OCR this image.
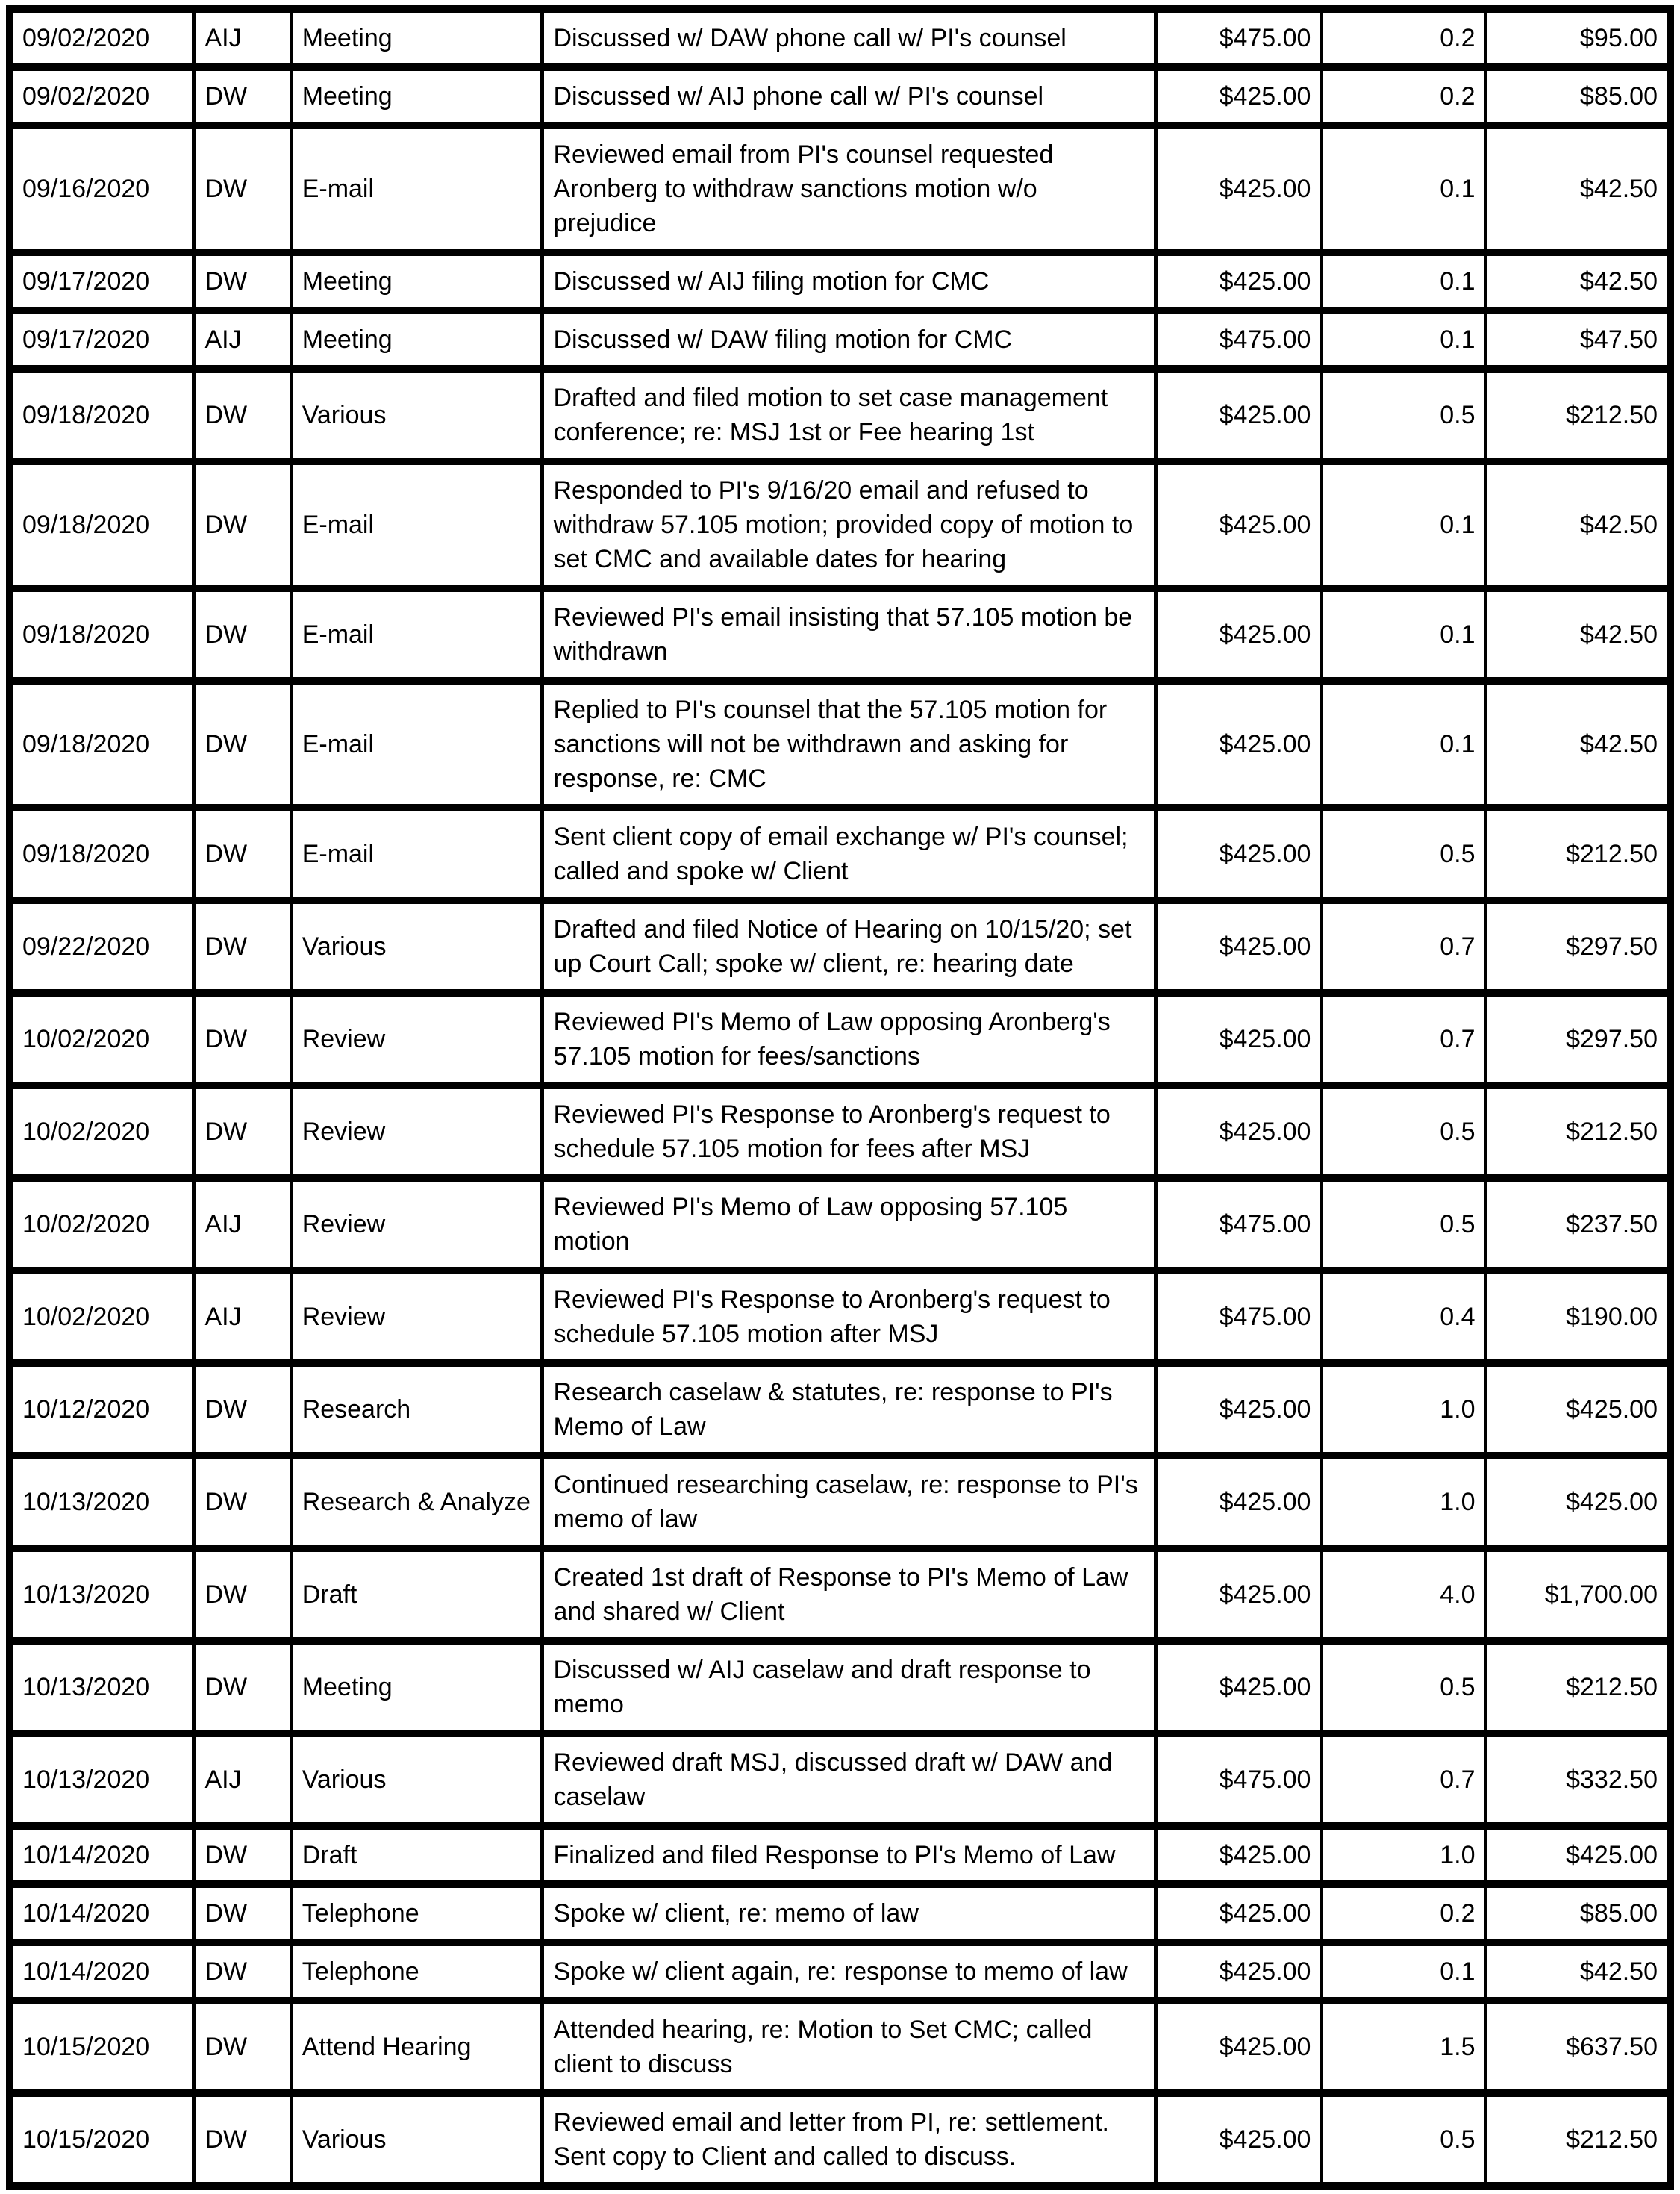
09/02/2020	AIJ	Meeting	Discussed w/ DAW phone call w/ PI's counsel	$475.00	0.2	$95.00
09/02/2020	DW	Meeting	Discussed w/ AIJ phone call w/ PI's counsel	$425.00	0.2	$85.00
09/16/2020	DW	E-mail	Reviewed email from PI's counsel requested Aronberg to withdraw sanctions motion w/o prejudice	$425.00	0.1	$42.50
09/17/2020	DW	Meeting	Discussed w/ AIJ filing motion for CMC	$425.00	0.1	$42.50
09/17/2020	AIJ	Meeting	Discussed w/ DAW filing motion for CMC	$475.00	0.1	$47.50
09/18/2020	DW	Various	Drafted and filed motion to set case management conference; re: MSJ 1st or Fee hearing 1st	$425.00	0.5	$212.50
09/18/2020	DW	E-mail	Responded to PI's 9/16/20 email and refused to withdraw 57.105 motion; provided copy of motion to set CMC and available dates for hearing	$425.00	0.1	$42.50
09/18/2020	DW	E-mail	Reviewed PI's email insisting that 57.105 motion be withdrawn	$425.00	0.1	$42.50
09/18/2020	DW	E-mail	Replied to PI's counsel that the 57.105 motion for sanctions will not be withdrawn and asking for response, re: CMC	$425.00	0.1	$42.50
09/18/2020	DW	E-mail	Sent client copy of email exchange w/ PI's counsel; called and spoke w/ Client	$425.00	0.5	$212.50
09/22/2020	DW	Various	Drafted and filed Notice of Hearing on 10/15/20; set up Court Call; spoke w/ client, re: hearing date	$425.00	0.7	$297.50
10/02/2020	DW	Review	Reviewed PI's Memo of Law opposing Aronberg's 57.105 motion for fees/sanctions	$425.00	0.7	$297.50
10/02/2020	DW	Review	Reviewed PI's Response to Aronberg's request to schedule 57.105 motion for fees after MSJ	$425.00	0.5	$212.50
10/02/2020	AIJ	Review	Reviewed PI's Memo of Law opposing 57.105 motion	$475.00	0.5	$237.50
10/02/2020	AIJ	Review	Reviewed PI's Response to Aronberg's request to schedule 57.105 motion after MSJ	$475.00	0.4	$190.00
10/12/2020	DW	Research	Research caselaw & statutes, re: response to PI's Memo of Law	$425.00	1.0	$425.00
10/13/2020	DW	Research & Analyze	Continued researching caselaw, re: response to PI's memo of law	$425.00	1.0	$425.00
10/13/2020	DW	Draft	Created 1st draft of Response to PI's Memo of Law and shared w/ Client	$425.00	4.0	$1,700.00
10/13/2020	DW	Meeting	Discussed w/ AIJ caselaw and draft response to memo	$425.00	0.5	$212.50
10/13/2020	AIJ	Various	Reviewed draft MSJ, discussed draft w/ DAW and caselaw	$475.00	0.7	$332.50
10/14/2020	DW	Draft	Finalized and filed Response to PI's Memo of Law	$425.00	1.0	$425.00
10/14/2020	DW	Telephone	Spoke w/ client, re: memo of law	$425.00	0.2	$85.00
10/14/2020	DW	Telephone	Spoke w/ client again, re: response to memo of law	$425.00	0.1	$42.50
10/15/2020	DW	Attend Hearing	Attended hearing, re: Motion to Set CMC; called client to discuss	$425.00	1.5	$637.50
10/15/2020	DW	Various	Reviewed email and letter from PI, re: settlement. Sent copy to Client and called to discuss.	$425.00	0.5	$212.50
